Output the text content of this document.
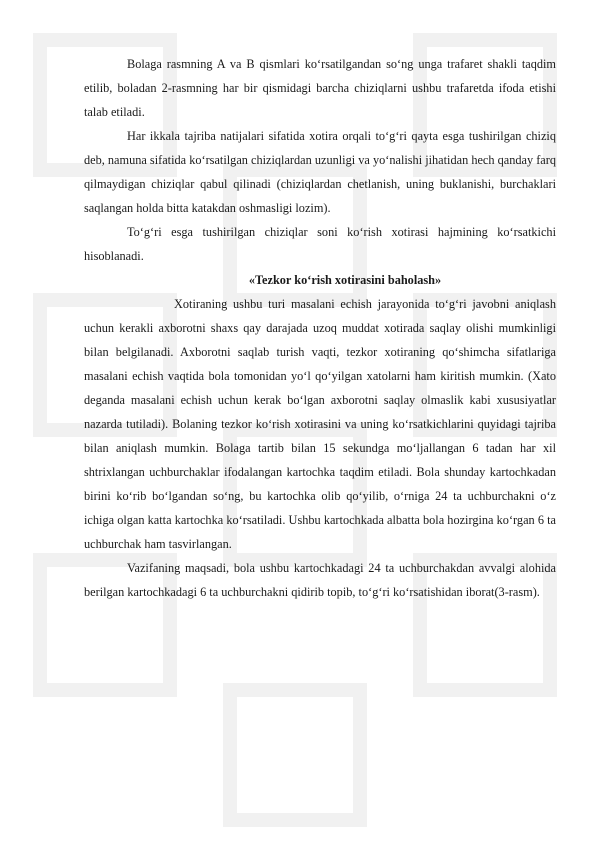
Bolaga rasmning A va B qismlari ko‘rsatilgandan so‘ng unga trafaret shakli taqdim etilib, boladan 2-rasmning har bir qismidagi barcha chiziqlarni ushbu trafaretda ifoda etishi talab etiladi.

Har ikkala tajriba natijalari sifatida xotira orqali to‘g‘ri qayta esga tushirilgan chiziq deb, namuna sifatida ko‘rsatilgan chiziqlardan uzunligi va yo‘nalishi jihatidan hech qanday farq qilmaydigan chiziqlar qabul qilinadi (chiziqlardan chetlanish, uning buklanishi, burchaklari saqlangan holda bitta katakdan oshmasligi lozim).

To‘g‘ri esga tushirilgan chiziqlar soni ko‘rish xotirasi hajmining ko‘rsatkichi hisoblanadi.

«Tezkor ko‘rish xotirasini baholash»

Xotiraning ushbu turi masalani echish jarayonida to‘g‘ri javobni aniqlash uchun kerakli axborotni shaxs qay darajada uzoq muddat xotirada saqlay olishi mumkinligi bilan belgilanadi. Axborotni saqlab turish vaqti, tezkor xotiraning qo‘shimcha sifatlariga masalani echish vaqtida bola tomonidan yo‘l qo‘yilgan xatolarni ham kiritish mumkin. (Xato deganda masalani echish uchun kerak bo‘lgan axborotni saqlay olmaslik kabi xususiyatlar nazarda tutiladi). Bolaning tezkor ko‘rish xotirasini va uning ko‘rsatkichlarini quyidagi tajriba bilan aniqlash mumkin. Bolaga tartib bilan 15 sekundga mo‘ljallangan 6 tadan har xil shtrixlangan uchburchaklar ifodalangan kartochka taqdim etiladi. Bola shunday kartochkadan birini ko‘rib bo‘lgandan so‘ng, bu kartochka olib qo‘yilib, o‘rniga 24 ta uchburchakni o‘z ichiga olgan katta kartochka ko‘rsatiladi. Ushbu kartochkada albatta bola hozirgina ko‘rgan 6 ta uchburchak ham tasvirlangan.

Vazifaning maqsadi, bola ushbu kartochkadagi 24 ta uchburchakdan avvalgi alohida berilgan kartochkadagi 6 ta uchburchakni qidirib topib, to‘g‘ri ko‘rsatishidan iborat(3-rasm).
